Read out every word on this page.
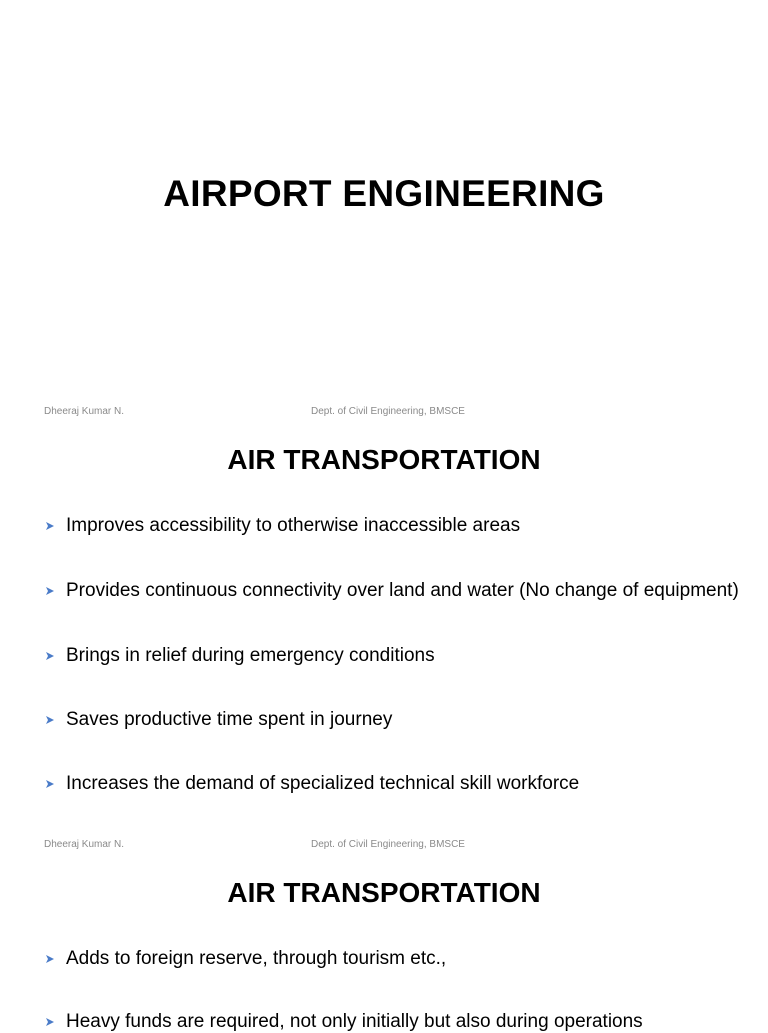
AIRPORT ENGINEERING
Dheeraj Kumar N.	Dept. of Civil Engineering, BMSCE
AIR TRANSPORTATION
Improves accessibility to otherwise inaccessible areas
Provides continuous connectivity over land and water (No change of equipment)
Brings in relief during emergency conditions
Saves productive time spent in journey
Increases the demand of specialized technical skill workforce
Dheeraj Kumar N.	Dept. of Civil Engineering, BMSCE
AIR TRANSPORTATION
Adds to foreign reserve, through tourism etc.,
Heavy funds are required, not only initially but also during operations
